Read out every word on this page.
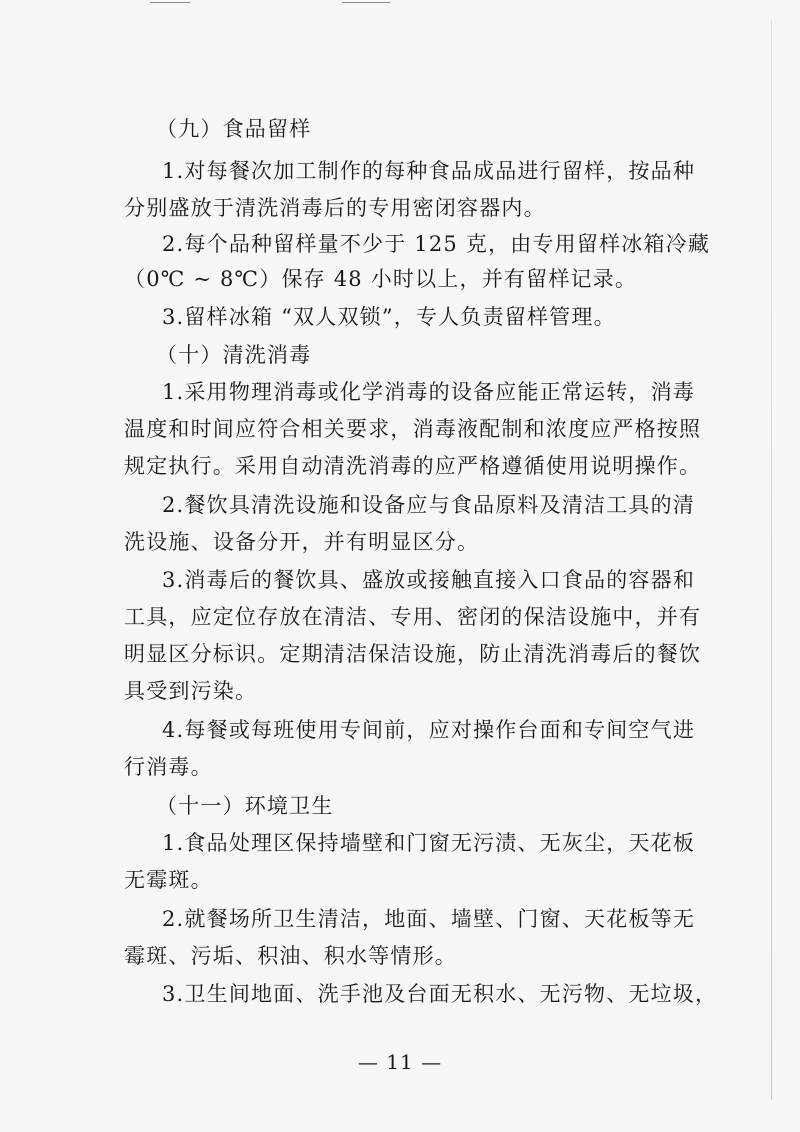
（九）食品留样
1.对每餐次加工制作的每种食品成品进行留样，按品种
分别盛放于清洗消毒后的专用密闭容器内。
2.每个品种留样量不少于 125 克，由专用留样冰箱冷藏
（0℃ ~ 8℃）保存 48 小时以上，并有留样记录。
3.留样冰箱 “双人双锁”，专人负责留样管理。
（十）清洗消毒
1.采用物理消毒或化学消毒的设备应能正常运转，消毒
温度和时间应符合相关要求，消毒液配制和浓度应严格按照
规定执行。采用自动清洗消毒的应严格遵循使用说明操作。
2.餐饮具清洗设施和设备应与食品原料及清洁工具的清
洗设施、设备分开，并有明显区分。
3.消毒后的餐饮具、盛放或接触直接入口食品的容器和
工具，应定位存放在清洁、专用、密闭的保洁设施中，并有
明显区分标识。定期清洁保洁设施，防止清洗消毒后的餐饮
具受到污染。
4.每餐或每班使用专间前，应对操作台面和专间空气进
行消毒。
（十一）环境卫生
1.食品处理区保持墙壁和门窗无污渍、无灰尘，天花板
无霉斑。
2.就餐场所卫生清洁，地面、墙壁、门窗、天花板等无
霉斑、污垢、积油、积水等情形。
3.卫生间地面、洗手池及台面无积水、无污物、无垃圾，
— 11 —
